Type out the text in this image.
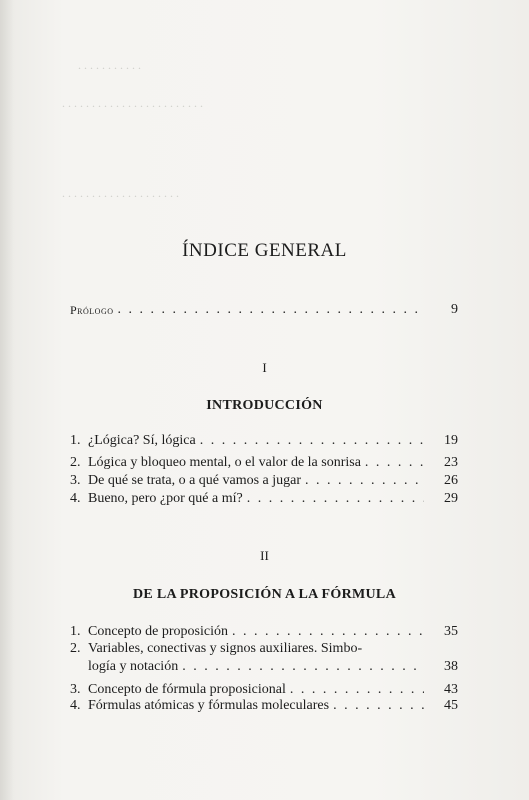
. . . . . . . . . . .
. . . . . . . . . . . . . . . . . . . . . . . .
. . . . . . . . . . . . . . . . . . . .
ÍNDICE GENERAL
Prólogo . . .	9
I
INTRODUCCIÓN
1. ¿Lógica? Sí, lógica . . .	19
2. Lógica y bloqueo mental, o el valor de la sonrisa . . .	23
3. De qué se trata, o a qué vamos a jugar . . .	26
4. Bueno, pero ¿por qué a mí? . . .	29
II
DE LA PROPOSICIÓN A LA FÓRMULA
1. Concepto de proposición . . .	35
2. Variables, conectivas y signos auxiliares. Simbo-
logía y notación . . .	38
3. Concepto de fórmula proposicional . . .	43
4. Fórmulas atómicas y fórmulas moleculares . . .	45
